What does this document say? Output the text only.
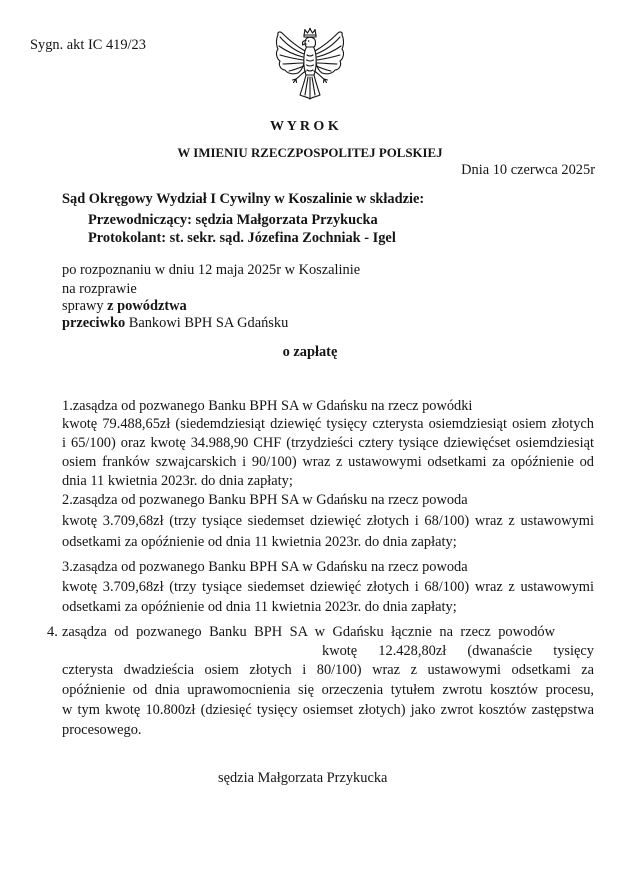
Sygn. akt IC 419/23
W Y R O K
W IMIENIU RZECZPOSPOLITEJ POLSKIEJ
Dnia 10 czerwca 2025r
Sąd Okręgowy Wydział I Cywilny w Koszalinie w składzie:
Przewodniczący: sędzia Małgorzata Przykucka
Protokolant: st. sekr. sąd. Józefina Zochniak - Igel
po rozpoznaniu w dniu 12 maja 2025r w Koszalinie
na rozprawie
sprawy z powództwa
przeciwko Bankowi BPH SA Gdańsku
o zapłatę
1.zasądza od pozwanego Banku BPH SA w Gdańsku na rzecz powódki
kwotę 79.488,65zł (siedemdziesiąt dziewięć tysięcy czterysta osiemdziesiąt osiem złotych
i 65/100) oraz kwotę 34.988,90 CHF (trzydzieści cztery tysiące dziewięćset osiemdziesiąt
osiem franków szwajcarskich i 90/100) wraz z ustawowymi odsetkami za opóźnienie od
dnia 11 kwietnia 2023r. do dnia zapłaty;
2.zasądza od pozwanego Banku BPH SA w Gdańsku na rzecz powoda
kwotę 3.709,68zł (trzy tysiące siedemset dziewięć złotych i 68/100) wraz z ustawowymi
odsetkami za opóźnienie od dnia 11 kwietnia 2023r. do dnia zapłaty;
3.zasądza od pozwanego Banku BPH SA w Gdańsku na rzecz powoda
kwotę 3.709,68zł (trzy tysiące siedemset dziewięć złotych i 68/100) wraz z ustawowymi
odsetkami za opóźnienie od dnia 11 kwietnia 2023r. do dnia zapłaty;
4. zasądza od pozwanego Banku BPH SA w Gdańsku łącznie na rzecz powodów
kwotę 12.428,80zł (dwanaście tysięcy
czterysta dwadzieścia osiem złotych i 80/100) wraz z ustawowymi odsetkami za
opóźnienie od dnia uprawomocnienia się orzeczenia tytułem zwrotu kosztów procesu,
w tym kwotę 10.800zł (dziesięć tysięcy osiemset złotych) jako zwrot kosztów zastępstwa
procesowego.
sędzia Małgorzata Przykucka
